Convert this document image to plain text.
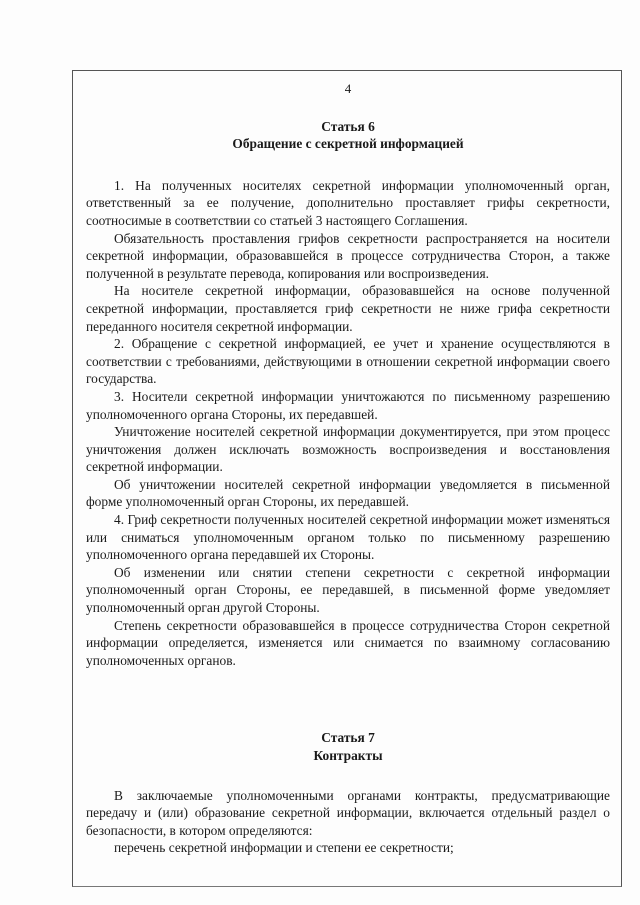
4

Статья 6

Обращение с секретной информацией

1. На полученных носителях секретной информации уполномоченный орган, ответственный за ее получение, дополнительно проставляет грифы секретности, соотносимые в соответствии со статьей 3 настоящего Соглашения.

Обязательность проставления грифов секретности распространяется на носители секретной информации, образовавшейся в процессе сотрудничества Сторон, а также полученной в результате перевода, копирования или воспроизведения.

На носителе секретной информации, образовавшейся на основе полученной секретной информации, проставляется гриф секретности не ниже грифа секретности переданного носителя секретной информации.

2. Обращение с секретной информацией, ее учет и хранение осуществляются в соответствии с требованиями, действующими в отношении секретной информации своего государства.

3. Носители секретной информации уничтожаются по письменному разрешению уполномоченного органа Стороны, их передавшей.

Уничтожение носителей секретной информации документируется, при этом процесс уничтожения должен исключать возможность воспроизведения и восстановления секретной информации.

Об уничтожении носителей секретной информации уведомляется в письменной форме уполномоченный орган Стороны, их передавшей.

4. Гриф секретности полученных носителей секретной информации может изменяться или сниматься уполномоченным органом только по письменному разрешению уполномоченного органа передавшей их Стороны.

Об изменении или снятии степени секретности с секретной информации уполномоченный орган Стороны, ее передавшей, в письменной форме уведомляет уполномоченный орган другой Стороны.

Степень секретности образовавшейся в процессе сотрудничества Сторон секретной информации определяется, изменяется или снимается по взаимному согласованию уполномоченных органов.

Статья 7

Контракты

В заключаемые уполномоченными органами контракты, предусматривающие передачу и (или) образование секретной информации, включается отдельный раздел о безопасности, в котором определяются:

перечень секретной информации и степени ее секретности;
